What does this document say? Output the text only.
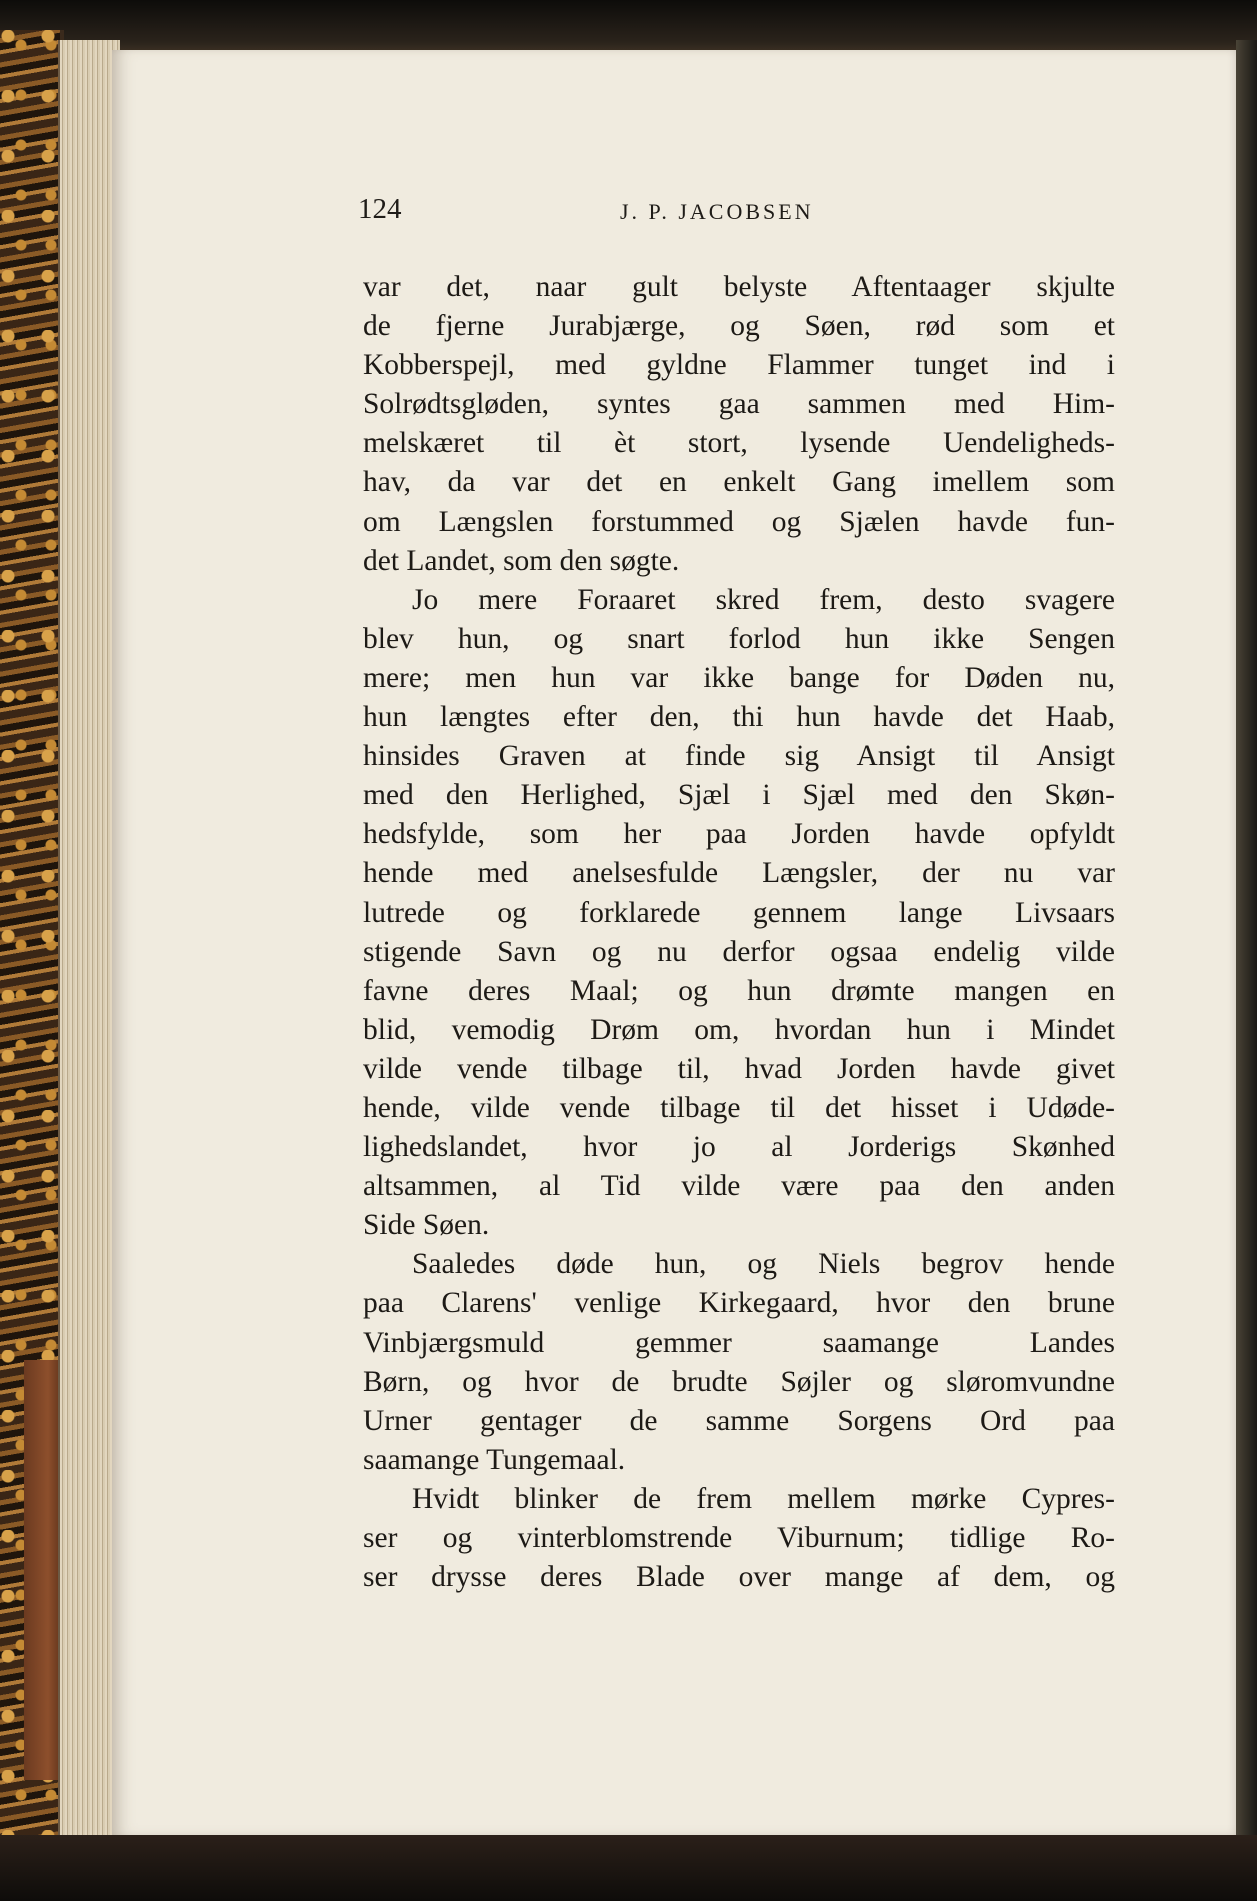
124	J. P. JACOBSEN
var det, naar gult belyste Aftentaager skjulte
de fjerne Jurabjærge, og Søen, rød som et
Kobberspejl, med gyldne Flammer tunget ind i
Solrødtsgløden, syntes gaa sammen med Him-
melskæret til èt stort, lysende Uendeligheds-
hav, da var det en enkelt Gang imellem som
om Længslen forstummed og Sjælen havde fun-
det Landet, som den søgte.
Jo mere Foraaret skred frem, desto svagere
blev hun, og snart forlod hun ikke Sengen
mere; men hun var ikke bange for Døden nu,
hun længtes efter den, thi hun havde det Haab,
hinsides Graven at finde sig Ansigt til Ansigt
med den Herlighed, Sjæl i Sjæl med den Skøn-
hedsfylde, som her paa Jorden havde opfyldt
hende med anelsesfulde Længsler, der nu var
lutrede og forklarede gennem lange Livsaars
stigende Savn og nu derfor ogsaa endelig vilde
favne deres Maal; og hun drømte mangen en
blid, vemodig Drøm om, hvordan hun i Mindet
vilde vende tilbage til, hvad Jorden havde givet
hende, vilde vende tilbage til det hisset i Udøde-
lighedslandet, hvor jo al Jorderigs Skønhed
altsammen, al Tid vilde være paa den anden
Side Søen.
Saaledes døde hun, og Niels begrov hende
paa Clarens' venlige Kirkegaard, hvor den brune
Vinbjærgsmuld gemmer saamange Landes
Børn, og hvor de brudte Søjler og sløromvundne
Urner gentager de samme Sorgens Ord paa
saamange Tungemaal.
Hvidt blinker de frem mellem mørke Cypres-
ser og vinterblomstrende Viburnum; tidlige Ro-
ser drysse deres Blade over mange af dem, og
